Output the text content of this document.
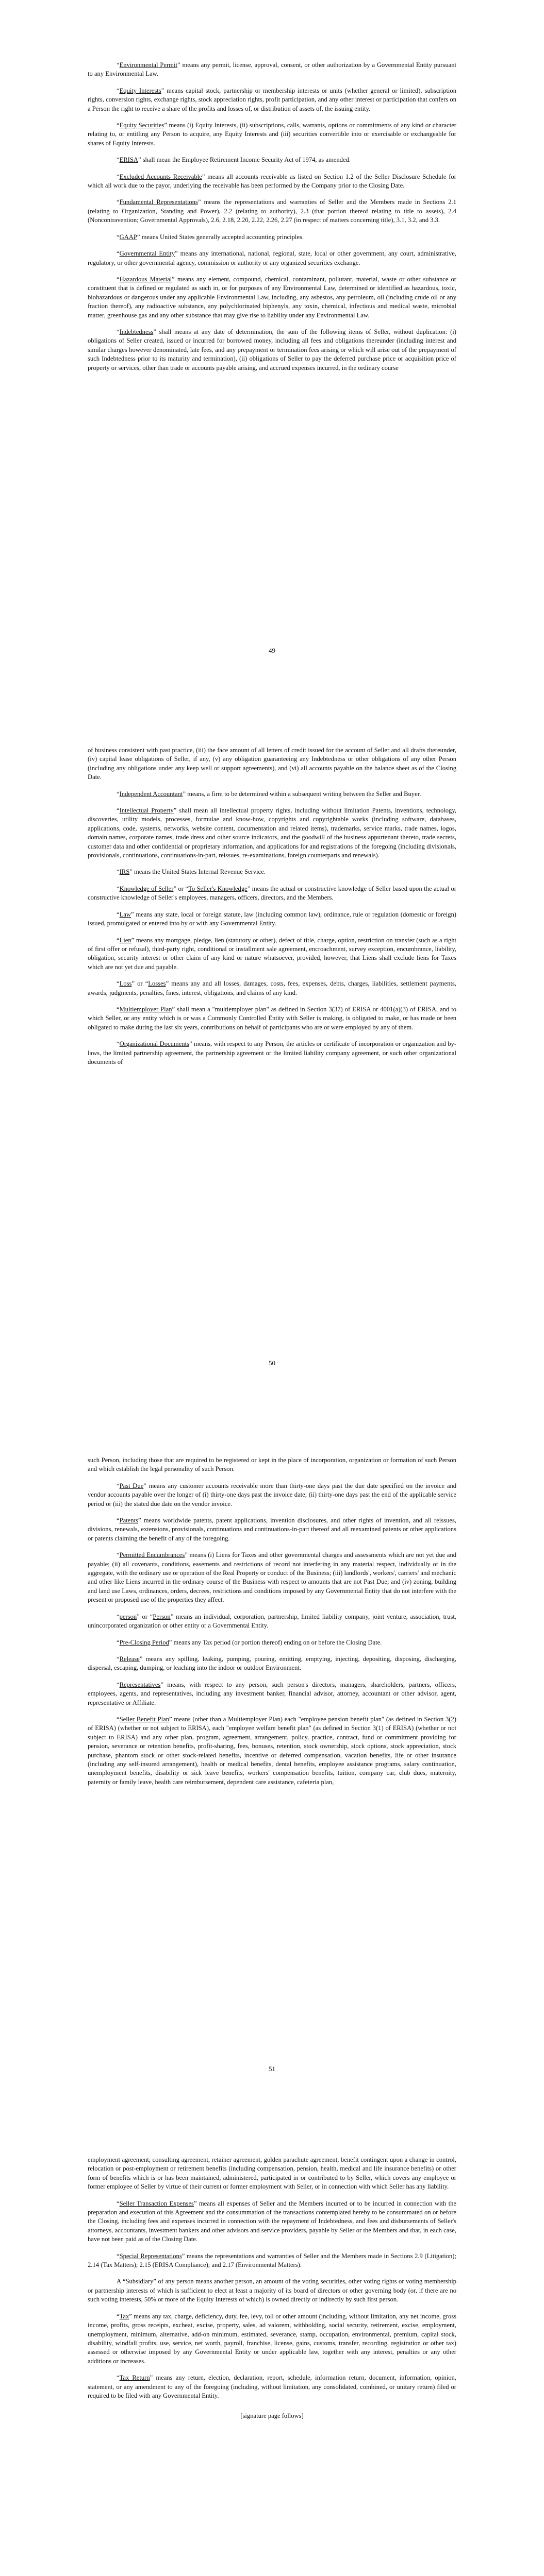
“Environmental Permit” means any permit, license, approval, consent, or other authorization by a Governmental Entity pursuant to any Environmental Law.

“Equity Interests” means capital stock, partnership or membership interests or units (whether general or limited), subscription rights, conversion rights, exchange rights, stock appreciation rights, profit participation, and any other interest or participation that confers on a Person the right to receive a share of the profits and losses of, or distribution of assets of, the issuing entity.

“Equity Securities” means (i) Equity Interests, (ii) subscriptions, calls, warrants, options or commitments of any kind or character relating to, or entitling any Person to acquire, any Equity Interests and (iii) securities convertible into or exercisable or exchangeable for shares of Equity Interests.

“ERISA” shall mean the Employee Retirement Income Security Act of 1974, as amended.

“Excluded Accounts Receivable” means all accounts receivable as listed on Section 1.2 of the Seller Disclosure Schedule for which all work due to the payor, underlying the receivable has been performed by the Company prior to the Closing Date.

“Fundamental Representations” means the representations and warranties of Seller and the Members made in Sections 2.1 (relating to Organization, Standing and Power), 2.2 (relating to authority), 2.3 (that portion thereof relating to title to assets), 2.4 (Noncontravention; Governmental Approvals), 2.6, 2.18, 2.20, 2.22, 2.26, 2.27 (in respect of matters concerning title), 3.1, 3.2, and 3.3.

“GAAP” means United States generally accepted accounting principles.

“Governmental Entity” means any international, national, regional, state, local or other government, any court, administrative, regulatory, or other governmental agency, commission or authority or any organized securities exchange.

“Hazardous Material” means any element, compound, chemical, contaminant, pollutant, material, waste or other substance or constituent that is defined or regulated as such in, or for purposes of any Environmental Law, determined or identified as hazardous, toxic, biohazardous or dangerous under any applicable Environmental Law, including, any asbestos, any petroleum, oil (including crude oil or any fraction thereof), any radioactive substance, any polychlorinated biphenyls, any toxin, chemical, infectious and medical waste, microbial matter, greenhouse gas and any other substance that may give rise to liability under any Environmental Law.

“Indebtedness” shall means at any date of determination, the sum of the following items of Seller, without duplication: (i) obligations of Seller created, issued or incurred for borrowed money, including all fees and obligations thereunder (including interest and similar charges however denominated, late fees, and any prepayment or termination fees arising or which will arise out of the prepayment of such Indebtedness prior to its maturity and termination), (ii) obligations of Seller to pay the deferred purchase price or acquisition price of property or services, other than trade or accounts payable arising, and accrued expenses incurred, in the ordinary course

49

of business consistent with past practice, (iii) the face amount of all letters of credit issued for the account of Seller and all drafts thereunder, (iv) capital lease obligations of Seller, if any, (v) any obligation guaranteeing any Indebtedness or other obligations of any other Person (including any obligations under any keep well or support agreements), and (vi) all accounts payable on the balance sheet as of the Closing Date.

“Independent Accountant” means, a firm to be determined within a subsequent writing between the Seller and Buyer.

“Intellectual Property” shall mean all intellectual property rights, including without limitation Patents, inventions, technology, discoveries, utility models, processes, formulae and know-how, copyrights and copyrightable works (including software, databases, applications, code, systems, networks, website content, documentation and related items), trademarks, service marks, trade names, logos, domain names, corporate names, trade dress and other source indicators, and the goodwill of the business appurtenant thereto, trade secrets, customer data and other confidential or proprietary information, and applications for and registrations of the foregoing (including divisionals, provisionals, continuations, continuations-in-part, reissues, re-examinations, foreign counterparts and renewals).

“IRS” means the United States Internal Revenue Service.

“Knowledge of Seller” or “To Seller's Knowledge” means the actual or constructive knowledge of Seller based upon the actual or constructive knowledge of Seller's employees, managers, officers, directors, and the Members.

“Law” means any state, local or foreign statute, law (including common law), ordinance, rule or regulation (domestic or foreign) issued, promulgated or entered into by or with any Governmental Entity.

“Lien” means any mortgage, pledge, lien (statutory or other), defect of title, charge, option, restriction on transfer (such as a right of first offer or refusal), third-party right, conditional or installment sale agreement, encroachment, survey exception, encumbrance, liability, obligation, security interest or other claim of any kind or nature whatsoever, provided, however, that Liens shall exclude liens for Taxes which are not yet due and payable.

“Loss” or “Losses” means any and all losses, damages, costs, fees, expenses, debts, charges, liabilities, settlement payments, awards, judgments, penalties, fines, interest, obligations, and claims of any kind.

“Multiemployer Plan” shall mean a "multiemployer plan" as defined in Section 3(37) of ERISA or 4001(a)(3) of ERISA, and to which Seller, or any entity which is or was a Commonly Controlled Entity with Seller is making, is obligated to make, or has made or been obligated to make during the last six years, contributions on behalf of participants who are or were employed by any of them.

“Organizational Documents” means, with respect to any Person, the articles or certificate of incorporation or organization and by-laws, the limited partnership agreement, the partnership agreement or the limited liability company agreement, or such other organizational documents of

50

such Person, including those that are required to be registered or kept in the place of incorporation, organization or formation of such Person and which establish the legal personality of such Person.

“Past Due” means any customer accounts receivable more than thirty-one days past the due date specified on the invoice and vendor accounts payable over the longer of (i) thirty-one days past the invoice date; (ii) thirty-one days past the end of the applicable service period or (iii) the stated due date on the vendor invoice.

“Patents” means worldwide patents, patent applications, invention disclosures, and other rights of invention, and all reissues, divisions, renewals, extensions, provisionals, continuations and continuations-in-part thereof and all reexamined patents or other applications or patents claiming the benefit of any of the foregoing.

“Permitted Encumbrances” means (i) Liens for Taxes and other governmental charges and assessments which are not yet due and payable; (ii) all covenants, conditions, easements and restrictions of record not interfering in any material respect, individually or in the aggregate, with the ordinary use or operation of the Real Property or conduct of the Business; (iii) landlords', workers', carriers' and mechanic and other like Liens incurred in the ordinary course of the Business with respect to amounts that are not Past Due; and (iv) zoning, building and land use Laws, ordinances, orders, decrees, restrictions and conditions imposed by any Governmental Entity that do not interfere with the present or proposed use of the properties they affect.

“person” or “Person” means an individual, corporation, partnership, limited liability company, joint venture, association, trust, unincorporated organization or other entity or a Governmental Entity.

“Pre-Closing Period” means any Tax period (or portion thereof) ending on or before the Closing Date.

“Release” means any spilling, leaking, pumping, pouring, emitting, emptying, injecting, depositing, disposing, discharging, dispersal, escaping, dumping, or leaching into the indoor or outdoor Environment.

“Representatives” means, with respect to any person, such person's directors, managers, shareholders, partners, officers, employees, agents, and representatives, including any investment banker, financial advisor, attorney, accountant or other advisor, agent, representative or Affiliate.

“Seller Benefit Plan” means (other than a Multiemployer Plan) each "employee pension benefit plan" (as defined in Section 3(2) of ERISA) (whether or not subject to ERISA), each "employee welfare benefit plan" (as defined in Section 3(1) of ERISA) (whether or not subject to ERISA) and any other plan, program, agreement, arrangement, policy, practice, contract, fund or commitment providing for pension, severance or retention benefits, profit-sharing, fees, bonuses, retention, stock ownership, stock options, stock appreciation, stock purchase, phantom stock or other stock-related benefits, incentive or deferred compensation, vacation benefits, life or other insurance (including any self-insured arrangement), health or medical benefits, dental benefits, employee assistance programs, salary continuation, unemployment benefits, disability or sick leave benefits, workers' compensation benefits, tuition, company car, club dues, maternity, paternity or family leave, health care reimbursement, dependent care assistance, cafeteria plan,

51

employment agreement, consulting agreement, retainer agreement, golden parachute agreement, benefit contingent upon a change in control, relocation or post-employment or retirement benefits (including compensation, pension, health, medical and life insurance benefits) or other form of benefits which is or has been maintained, administered, participated in or contributed to by Seller, which covers any employee or former employee of Seller by virtue of their current or former employment with Seller, or in connection with which Seller has any liability.

“Seller Transaction Expenses” means all expenses of Seller and the Members incurred or to be incurred in connection with the preparation and execution of this Agreement and the consummation of the transactions contemplated hereby to be consummated on or before the Closing, including fees and expenses incurred in connection with the repayment of Indebtedness, and fees and disbursements of Seller's attorneys, accountants, investment bankers and other advisors and service providers, payable by Seller or the Members and that, in each case, have not been paid as of the Closing Date.

“Special Representations” means the representations and warranties of Seller and the Members made in Sections 2.9 (Litigation); 2.14 (Tax Matters); 2.15 (ERISA Compliance); and 2.17 (Environmental Matters).

A “Subsidiary” of any person means another person, an amount of the voting securities, other voting rights or voting membership or partnership interests of which is sufficient to elect at least a majority of its board of directors or other governing body (or, if there are no such voting interests, 50% or more of the Equity Interests of which) is owned directly or indirectly by such first person.

“Tax” means any tax, charge, deficiency, duty, fee, levy, toll or other amount (including, without limitation, any net income, gross income, profits, gross receipts, excheat, excise, property, sales, ad valorem, withholding, social security, retirement, excise, employment, unemployment, minimum, alternative, add-on minimum, estimated, severance, stamp, occupation, environmental, premium, capital stock, disability, windfall profits, use, service, net worth, payroll, franchise, license, gains, customs, transfer, recording, registration or other tax) assessed or otherwise imposed by any Governmental Entity or under applicable law, together with any interest, penalties or any other additions or increases.

“Tax Return” means any return, election, declaration, report, schedule, information return, document, information, opinion, statement, or any amendment to any of the foregoing (including, without limitation, any consolidated, combined, or unitary return) filed or required to be filed with any Governmental Entity.

[signature page follows]
